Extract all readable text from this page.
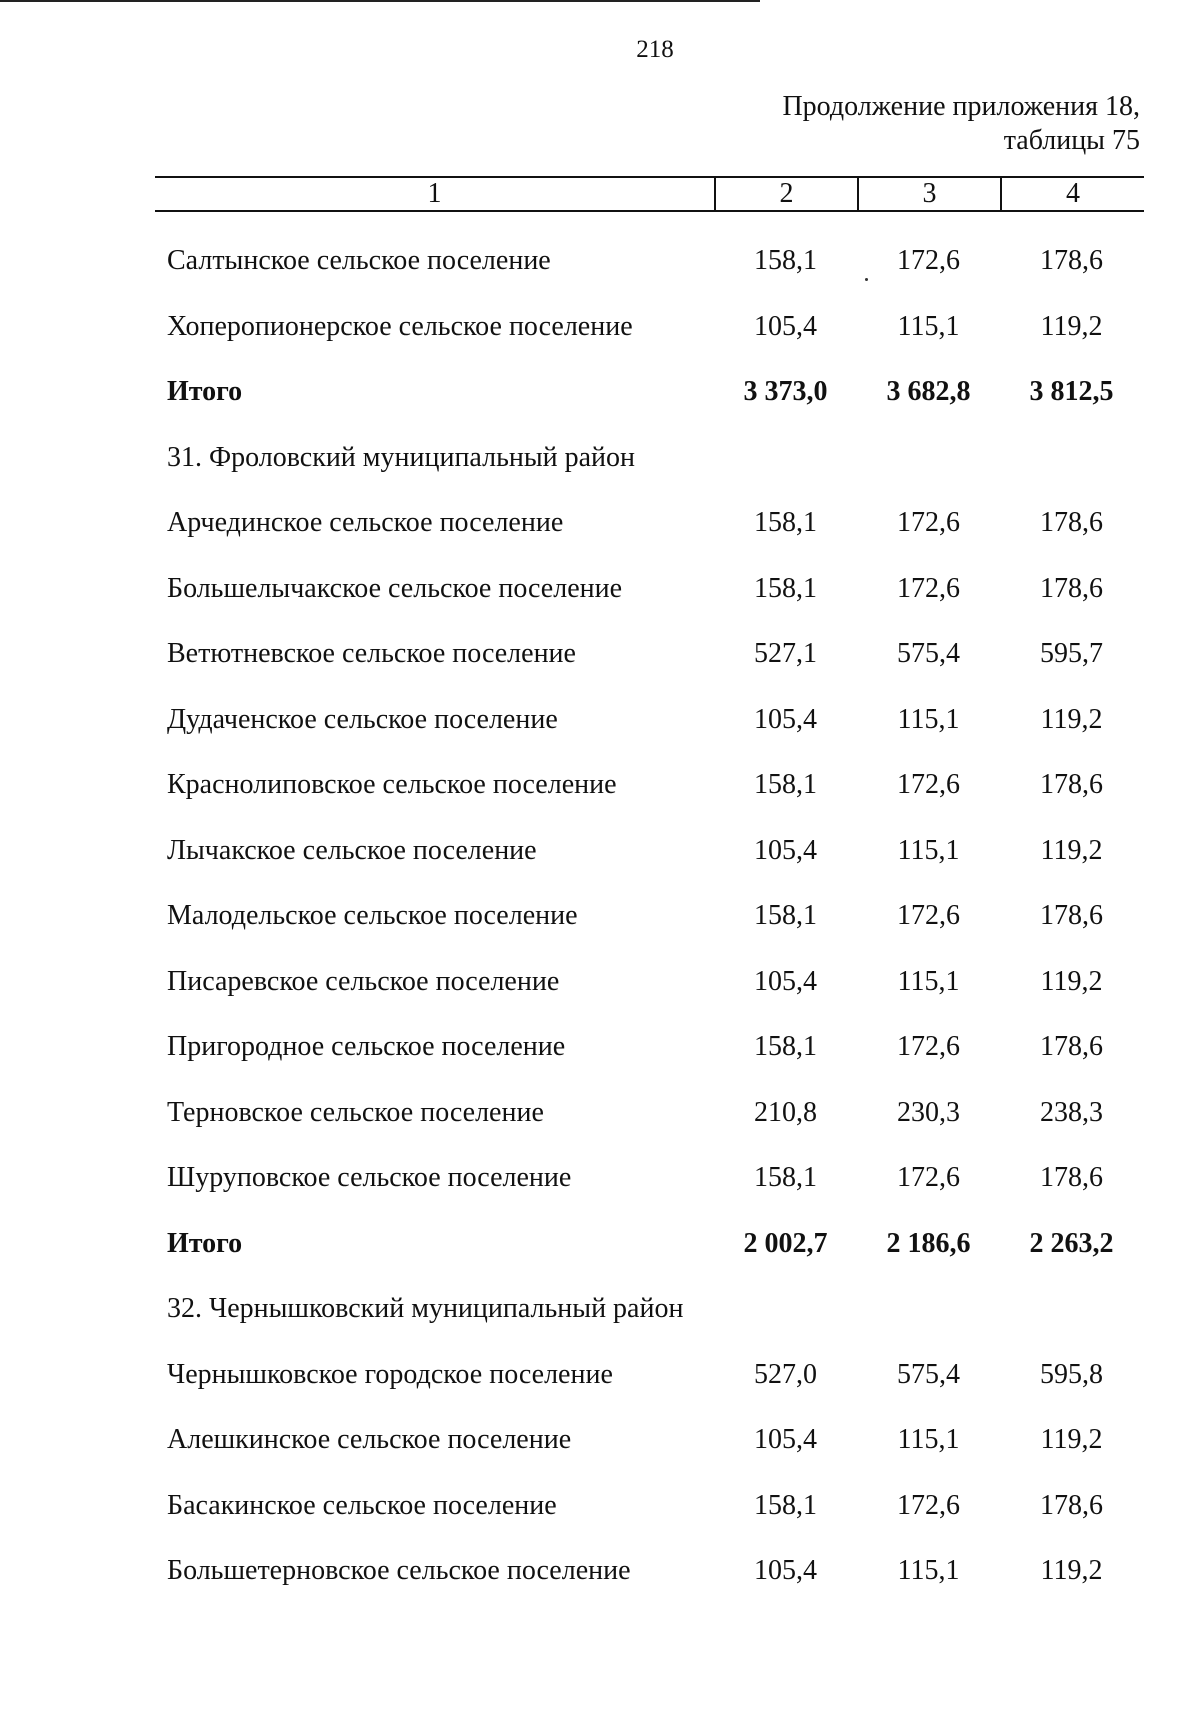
218
Продолжение приложения 18,
таблицы 75
1	2	3	4
Салтынское сельское поселение	158,1	172,6	178,6
Хоперопионерское сельское поселение	105,4	115,1	119,2
Итого	3 373,0	3 682,8	3 812,5
31. Фроловский муниципальный район
Арчединское сельское поселение	158,1	172,6	178,6
Большелычакское сельское поселение	158,1	172,6	178,6
Ветютневское сельское поселение	527,1	575,4	595,7
Дудаченское сельское поселение	105,4	115,1	119,2
Краснолиповское сельское поселение	158,1	172,6	178,6
Лычакское сельское поселение	105,4	115,1	119,2
Малодельское сельское поселение	158,1	172,6	178,6
Писаревское сельское поселение	105,4	115,1	119,2
Пригородное сельское поселение	158,1	172,6	178,6
Терновское сельское поселение	210,8	230,3	238,3
Шуруповское сельское поселение	158,1	172,6	178,6
Итого	2 002,7	2 186,6	2 263,2
32. Чернышковский муниципальный район
Чернышковское городское поселение	527,0	575,4	595,8
Алешкинское сельское поселение	105,4	115,1	119,2
Басакинское сельское поселение	158,1	172,6	178,6
Большетерновское сельское поселение	105,4	115,1	119,2
